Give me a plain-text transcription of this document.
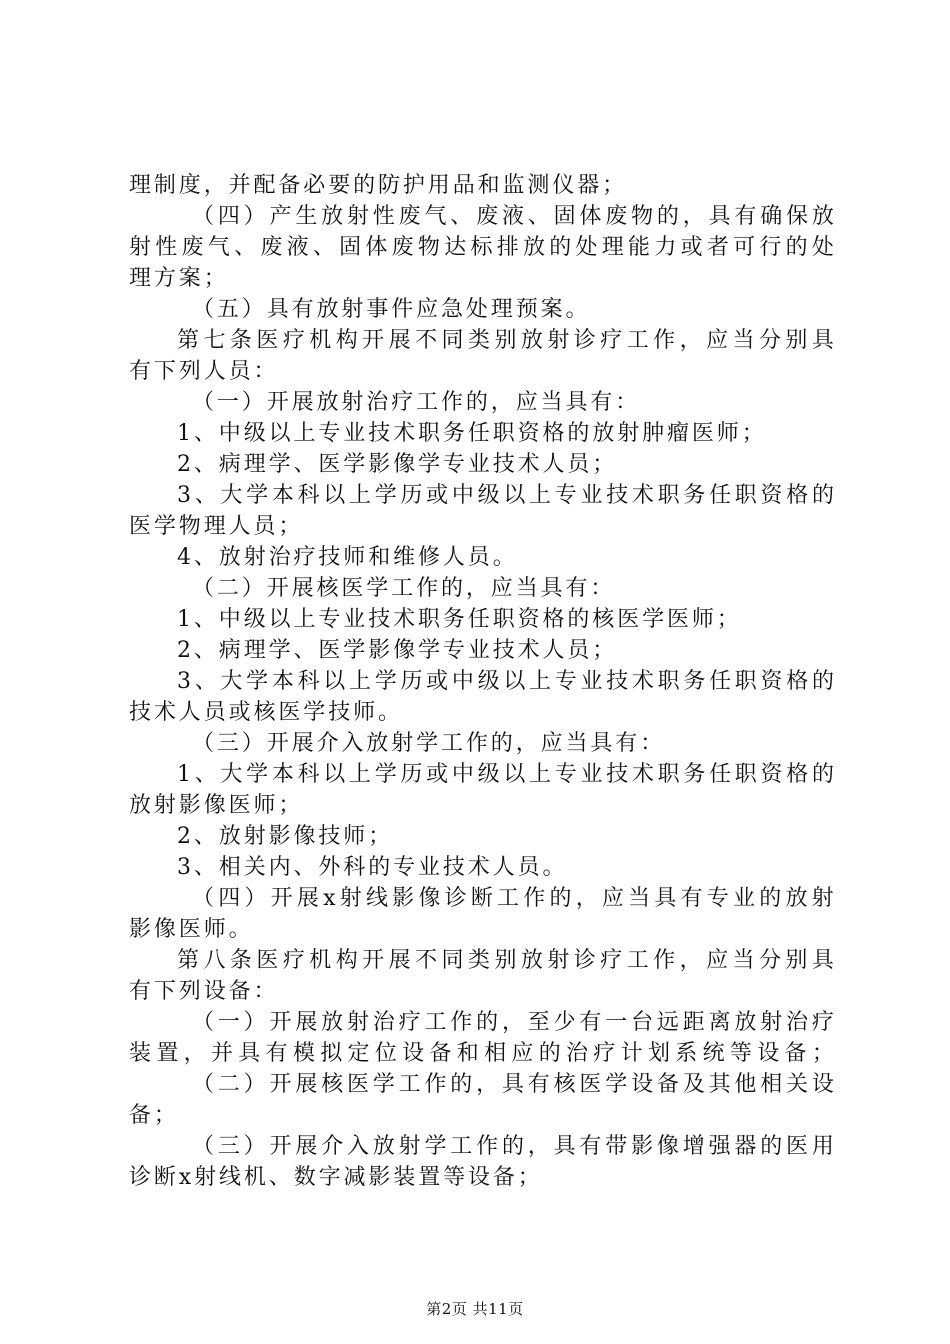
理制度，并配备必要的防护用品和监测仪器；
（ 四 ） 产 生 放 射 性 废 气 、 废 液 、 固 体 废 物 的 ， 具 有 确 保 放
射 性 废 气 、 废 液 、 固 体 废 物 达 标 排 放 的 处 理 能 力 或 者 可 行 的 处
理方案；
（五）具有放射事件应急处理预案。
第 七 条 医 疗 机 构 开 展 不 同 类 别 放 射 诊 疗 工 作 ， 应 当 分 别 具
有下列人员：
（一）开展放射治疗工作的，应当具有：
1、中级以上专业技术职务任职资格的放射肿瘤医师；
2、病理学、医学影像学专业技术人员；
3 、 大 学 本 科 以 上 学 历 或 中 级 以 上 专 业 技 术 职 务 任 职 资 格 的
医学物理人员；
4、放射治疗技师和维修人员。
（二）开展核医学工作的，应当具有：
1、中级以上专业技术职务任职资格的核医学医师；
2、病理学、医学影像学专业技术人员；
3 、 大 学 本 科 以 上 学 历 或 中 级 以 上 专 业 技 术 职 务 任 职 资 格 的
技术人员或核医学技师。
（三）开展介入放射学工作的，应当具有：
1 、 大 学 本 科 以 上 学 历 或 中 级 以 上 专 业 技 术 职 务 任 职 资 格 的
放射影像医师；
2、放射影像技师；
3、相关内、外科的专业技术人员。
（ 四 ） 开 展 x 射 线 影 像 诊 断 工 作 的 ， 应 当 具 有 专 业 的 放 射
影像医师。
第 八 条 医 疗 机 构 开 展 不 同 类 别 放 射 诊 疗 工 作 ， 应 当 分 别 具
有下列设备：
（ 一 ） 开 展 放 射 治 疗 工 作 的 ， 至 少 有 一 台 远 距 离 放 射 治 疗
装 置 ， 并 具 有 模 拟 定 位 设 备 和 相 应 的 治 疗 计 划 系 统 等 设 备 ；
（ 二 ） 开 展 核 医 学 工 作 的 ， 具 有 核 医 学 设 备 及 其 他 相 关 设
备；
（ 三 ） 开 展 介 入 放 射 学 工 作 的 ， 具 有 带 影 像 增 强 器 的 医 用
诊断x射线机、数字减影装置等设备；
第2页 共11页
